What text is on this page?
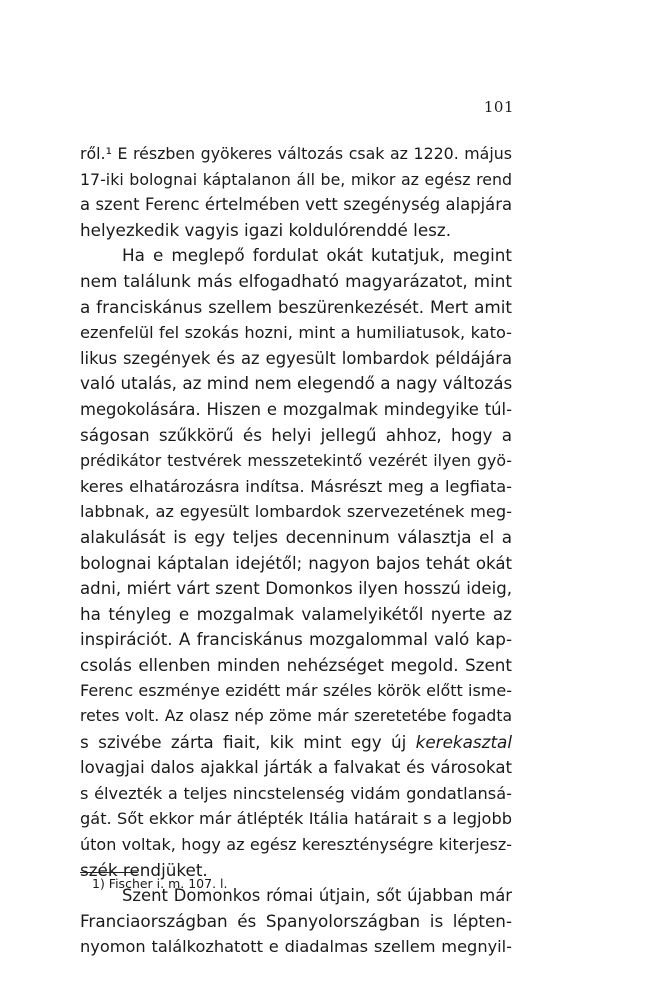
101
ről.¹ E részben gyökeres változás csak az 1220. május
17-iki bolognai káptalanon áll be, mikor az egész rend
a szent Ferenc értelmében vett szegénység alapjára
helyezkedik vagyis igazi koldulórenddé lesz.
Ha e meglepő fordulat okát kutatjuk, megint
nem találunk más elfogadható magyarázatot, mint
a franciskánus szellem beszürenkezését. Mert amit
ezenfelül fel szokás hozni, mint a humiliatusok, kato-
likus szegények és az egyesült lombardok példájára
való utalás, az mind nem elegendő a nagy változás
megokolására. Hiszen e mozgalmak mindegyike túl-
ságosan szűkkörű és helyi jellegű ahhoz, hogy a
prédikátor testvérek messzetekintő vezérét ilyen gyö-
keres elhatározásra indítsa. Másrészt meg a legfiata-
labbnak, az egyesült lombardok szervezetének meg-
alakulását is egy teljes decenninum választja el a
bolognai káptalan idejétől; nagyon bajos tehát okát
adni, miért várt szent Domonkos ilyen hosszú ideig,
ha tényleg e mozgalmak valamelyikétől nyerte az
inspirációt. A franciskánus mozgalommal való kap-
csolás ellenben minden nehézséget megold. Szent
Ferenc eszménye ezidétt már széles körök előtt isme-
retes volt. Az olasz nép zöme már szeretetébe fogadta
s szivébe zárta fiait, kik mint egy új kerekasztal
lovagjai dalos ajakkal járták a falvakat és városokat
s élvezték a teljes nincstelenség vidám gondatlansá-
gát. Sőt ekkor már átlépték Itália határait s a legjobb
úton voltak, hogy az egész kereszténységre kiterjesz-
szék rendjüket.
Szent Domonkos római útjain, sőt újabban már
Franciaországban és Spanyolországban is lépten-
nyomon találkozhatott e diadalmas szellem megnyil-
1) Fischer i. m. 107. l.
